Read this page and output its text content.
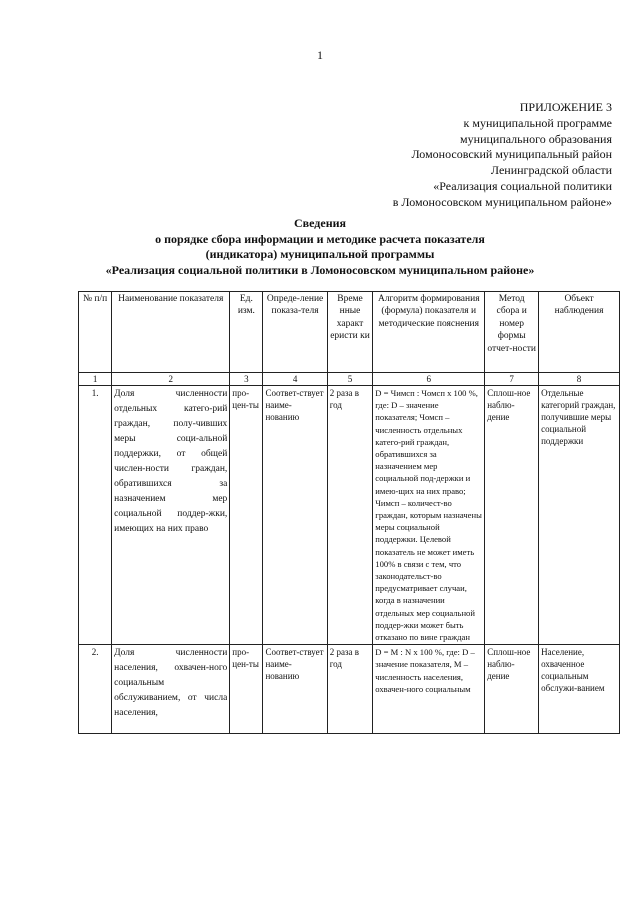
1
ПРИЛОЖЕНИЕ 3
к муниципальной программе
муниципального образования
Ломоносовский муниципальный район
Ленинградской области
«Реализация социальной политики
в Ломоносовском муниципальном районе»
Сведения
о порядке сбора информации и методике расчета показателя
(индикатора) муниципальной программы
«Реализация социальной политики в Ломоносовском муниципальном районе»
№ п/п	Наименование показателя	Ед. изм.	Опреде-ление показа-теля	Време нные характ еристи ки	Алгоритм формирования (формула) показателя и методические пояснения	Метод сбора и номер формы отчет-ности	Объект наблюдения
1	2	3	4	5	6	7	8
1.	Доля численности отдельных катего-рий граждан, полу-чивших меры соци-альной поддержки, от общей числен-ности граждан, обратившихся за назначением мер социальной поддер-жки, имеющих на них право	про-цен-ты	Соответ-ствует наиме-нованию	2 раза в год	D = Чимсп : Чомсп х 100 %, где: D – значение показателя; Чомсп – численность отдельных катего-рий граждан, обратившихся за назначением мер социальной под-держки и имею-щих на них право; Чимсп – количест-во граждан, которым назначены меры социальной поддержки. Целевой показатель не может иметь 100% в связи с тем, что законодательст-во предусматривает случаи, когда в назначении отдельных мер социальной поддер-жки может быть отказано по вине граждан	Сплош-ное наблю-дение	Отдельные категорий граждан, получившие меры социальной поддержки
2.	Доля численности населения, охвачен-ного социальным обслуживанием, от числа населения,	про-цен-ты	Соответ-ствует наиме-нованию	2 раза в год	D = M : N х 100 %, где: D – значение показателя, M – численность населения, охвачен-ного социальным	Сплош-ное наблю-дение	Население, охваченное социальным обслужи-ванием
